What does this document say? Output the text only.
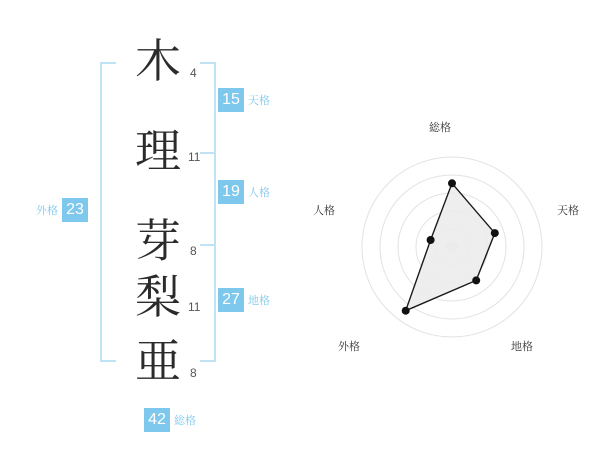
23
外格
木 4
理 11
芽 8
梨 11
亜 8
15 天格
19 人格
27 地格
42 総格
総格
天格
地格
外格
人格
